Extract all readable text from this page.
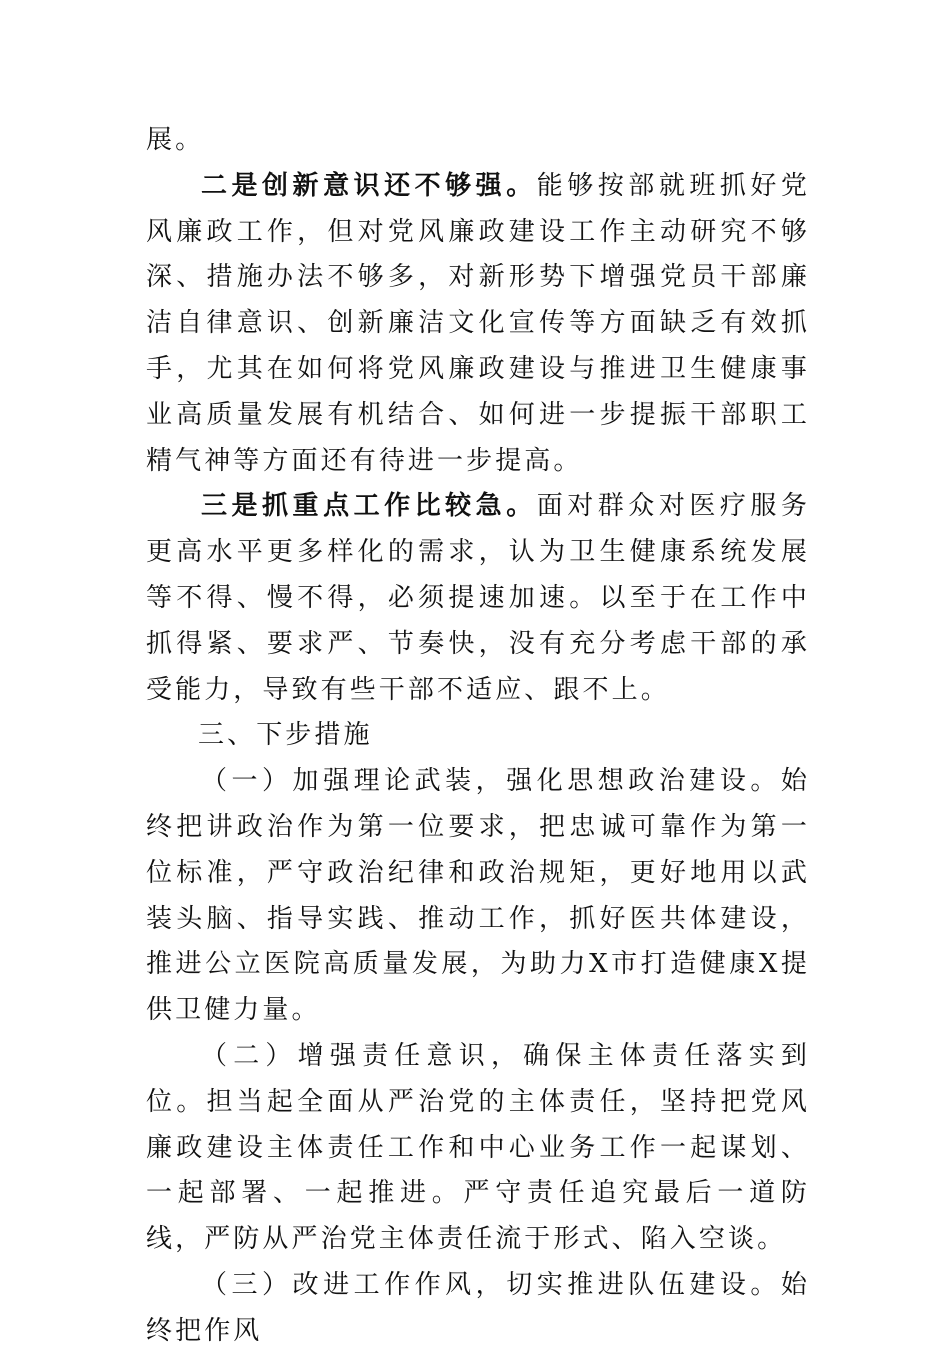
展。

二是创新意识还不够强。能够按部就班抓好党风廉政工作，但对党风廉政建设工作主动研究不够深、措施办法不够多，对新形势下增强党员干部廉洁自律意识、创新廉洁文化宣传等方面缺乏有效抓手，尤其在如何将党风廉政建设与推进卫生健康事业高质量发展有机结合、如何进一步提振干部职工精气神等方面还有待进一步提高。

三是抓重点工作比较急。面对群众对医疗服务更高水平更多样化的需求，认为卫生健康系统发展等不得、慢不得，必须提速加速。以至于在工作中抓得紧、要求严、节奏快，没有充分考虑干部的承受能力，导致有些干部不适应、跟不上。

三、下步措施

（一）加强理论武装，强化思想政治建设。始终把讲政治作为第一位要求，把忠诚可靠作为第一位标准，严守政治纪律和政治规矩，更好地用以武装头脑、指导实践、推动工作，抓好医共体建设，推进公立医院高质量发展，为助力X市打造健康X提供卫健力量。

（二）增强责任意识，确保主体责任落实到位。担当起全面从严治党的主体责任，坚持把党风廉政建设主体责任工作和中心业务工作一起谋划、一起部署、一起推进。严守责任追究最后一道防线，严防从严治党主体责任流于形式、陷入空谈。

（三）改进工作作风，切实推进队伍建设。始终把作风
